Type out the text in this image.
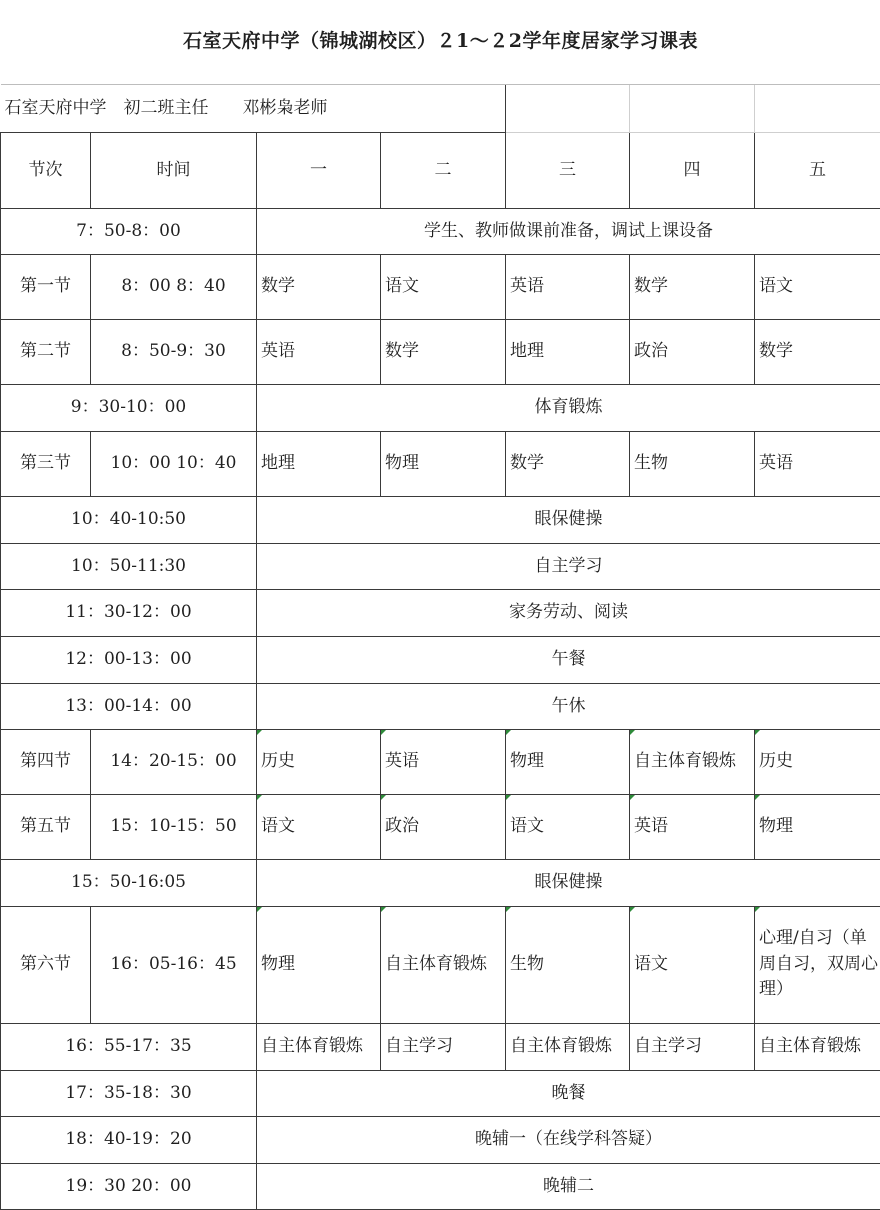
石室天府中学（锦城湖校区）２1～２2学年度居家学习课表						
石室天府中学　初二班主任　　邓彬枭老师						
节次	时间	一	二	三	四	五
7：50-8：00		学生、教师做课前准备，调试上课设备				
第一节	8：00 8：40	数学	语文	英语	数学	语文
第二节	8：50-9：30	英语	数学	地理	政治	数学
9：30-10：00		体育锻炼				
第三节	10：00 10：40	地理	物理	数学	生物	英语
10：40-10:50		眼保健操				
10：50-11:30		自主学习				
11：30-12：00		家务劳动、阅读				
12：00-13：00		午餐				
13：00-14：00		午休				
第四节	14：20-15：00	历史	英语	物理	自主体育锻炼	历史
第五节	15：10-15：50	语文	政治	语文	英语	物理
15：50-16:05		眼保健操				
第六节	16：05-16：45	物理	自主体育锻炼	生物	语文	心理/自习（单周自习，双周心理）
16：55-17：35		自主体育锻炼	自主学习	自主体育锻炼	自主学习	自主体育锻炼
17：35-18：30		晚餐				
18：40-19：20		晚辅一（在线学科答疑）				
19：30 20：00		晚辅二				
